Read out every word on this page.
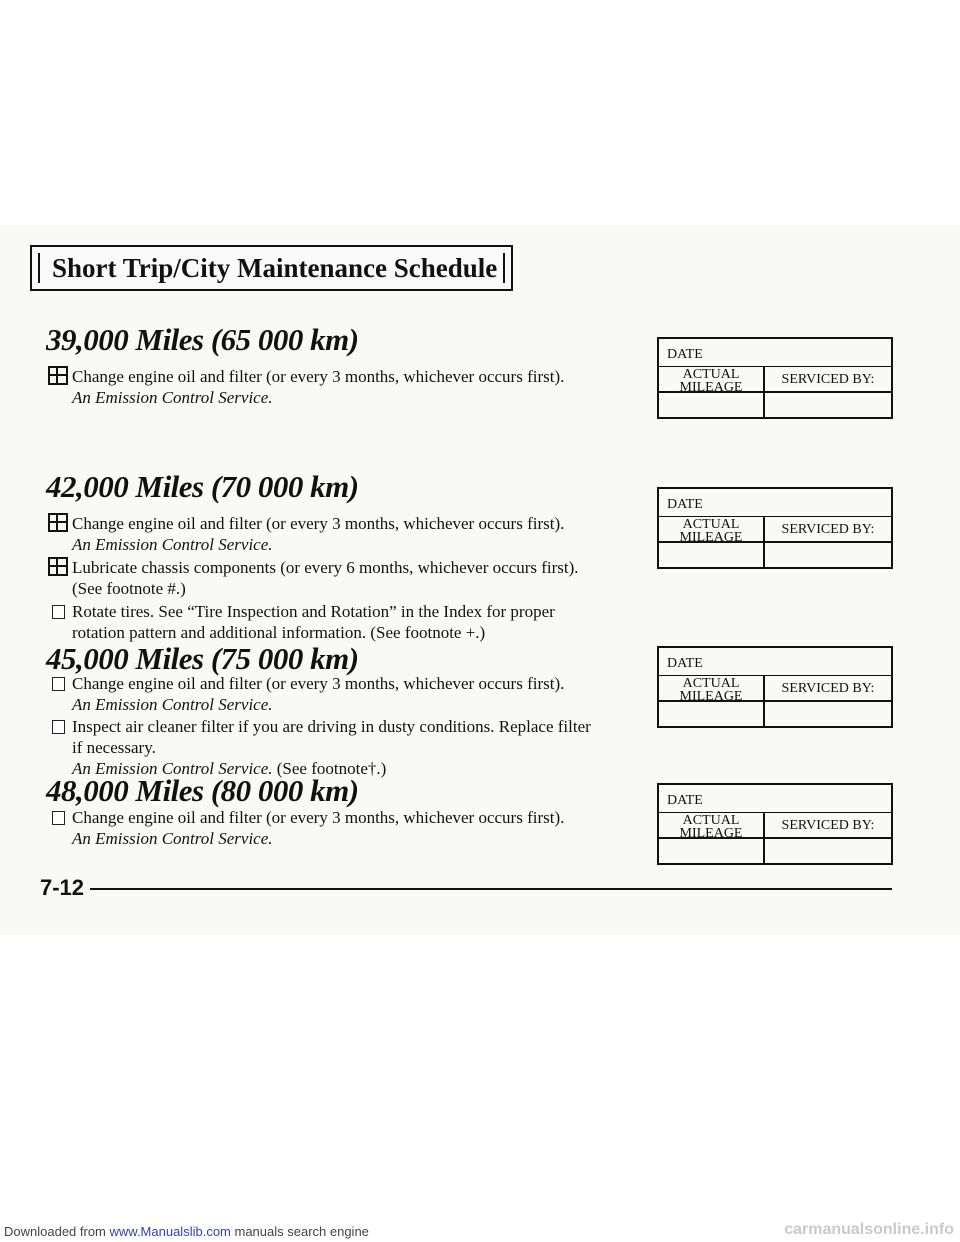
Short Trip/City Maintenance Schedule
39,000 Miles (65 000 km)
Change engine oil and filter (or every 3 months, whichever occurs first).
An Emission Control Service.
42,000 Miles (70 000 km)
Change engine oil and filter (or every 3 months, whichever occurs first).
An Emission Control Service.
Lubricate chassis components (or every 6 months, whichever occurs first).
(See footnote #.)
Rotate tires. See “Tire Inspection and Rotation” in the Index for proper
rotation pattern and additional information. (See footnote +.)
45,000 Miles (75 000 km)
Change engine oil and filter (or every 3 months, whichever occurs first).
An Emission Control Service.
Inspect air cleaner filter if you are driving in dusty conditions. Replace filter
if necessary.
An Emission Control Service. (See footnote†.)
48,000 Miles (80 000 km)
Change engine oil and filter (or every 3 months, whichever occurs first).
An Emission Control Service.
DATE
ACTUAL
MILEAGE
SERVICED BY:
DATE
ACTUAL
MILEAGE
SERVICED BY:
DATE
ACTUAL
MILEAGE
SERVICED BY:
DATE
ACTUAL
MILEAGE
SERVICED BY:
7-12
Downloaded from www.Manualslib.com manuals search engine	carmanualsonline.info
